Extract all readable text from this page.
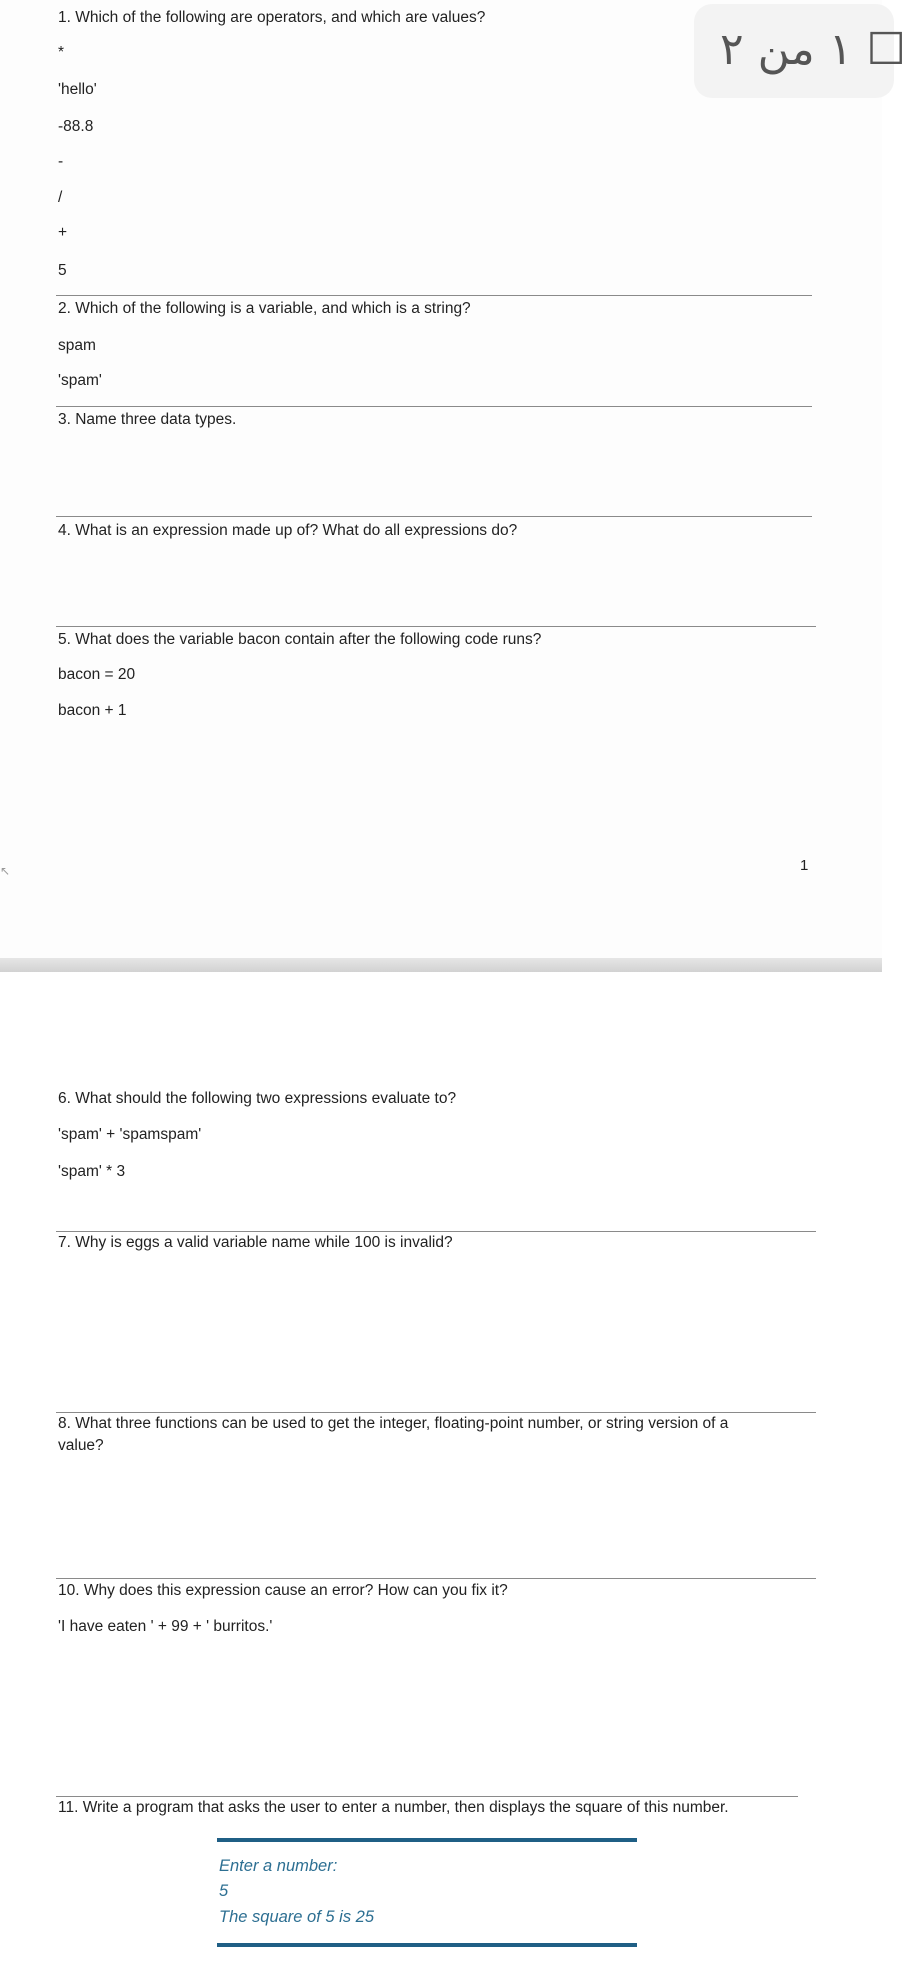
☐ ١ من ٢
1. Which of the following are operators, and which are values?
*
'hello'
-88.8
-
/
+
5
2. Which of the following is a variable, and which is a string?
spam
'spam'
3. Name three data types.
4. What is an expression made up of? What do all expressions do?
5. What does the variable bacon contain after the following code runs?
bacon = 20
bacon + 1
↖	1
6. What should the following two expressions evaluate to?
'spam' + 'spamspam'
'spam' * 3
7. Why is eggs a valid variable name while 100 is invalid?
8. What three functions can be used to get the integer, floating-point number, or string version of a
value?
10. Why does this expression cause an error? How can you fix it?
'I have eaten ' + 99 + ' burritos.'
11. Write a program that asks the user to enter a number, then displays the square of this number.
Enter a number:
5
The square of 5 is 25
